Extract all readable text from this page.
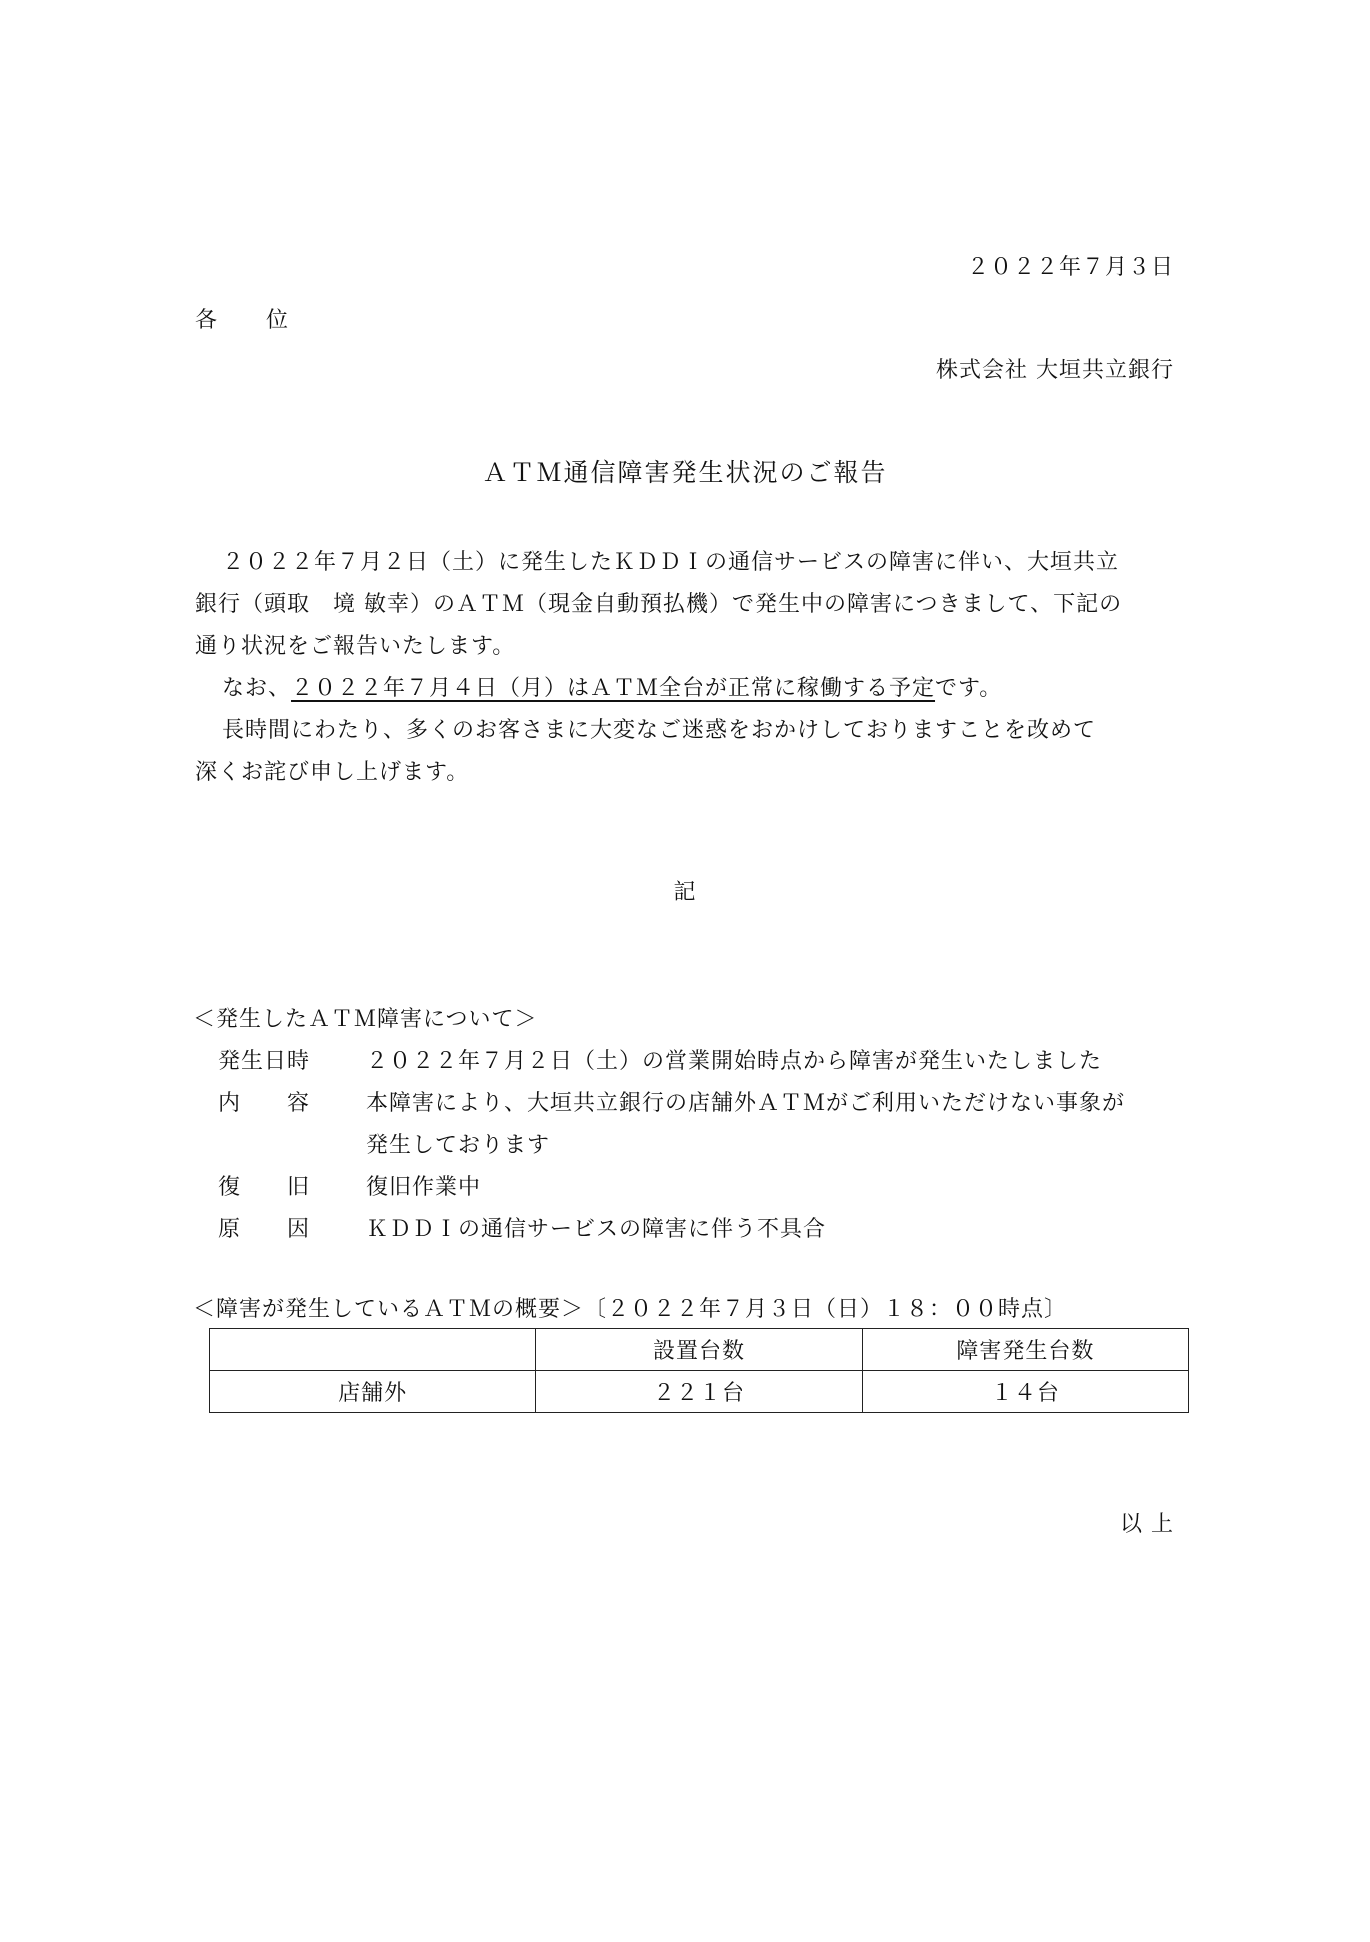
２０２２年７月３日
各 位
株式会社 大垣共立銀行
ＡＴＭ通信障害発生状況のご報告
２０２２年７月２日（土）に発生したＫＤＤＩの通信サービスの障害に伴い、大垣共立
銀行（頭取　境 敏幸）のＡＴＭ（現金自動預払機）で発生中の障害につきまして、下記の
通り状況をご報告いたします。
なお、２０２２年７月４日（月）はＡＴＭ全台が正常に稼働する予定です。
長時間にわたり、多くのお客さまに大変なご迷惑をおかけしておりますことを改めて
深くお詫び申し上げます。
記
＜発生したＡＴＭ障害について＞
発生日時	２０２２年７月２日（土）の営業開始時点から障害が発生いたしました
内　　容	本障害により、大垣共立銀行の店舗外ＡＴＭがご利用いただけない事象が
発生しております
復　　旧	復旧作業中
原　　因	ＫＤＤＩの通信サービスの障害に伴う不具合
＜障害が発生しているＡＴＭの概要＞〔２０２２年７月３日（日）１８：００時点〕
	設置台数	障害発生台数
店舗外	２２１台	１４台
以 上
